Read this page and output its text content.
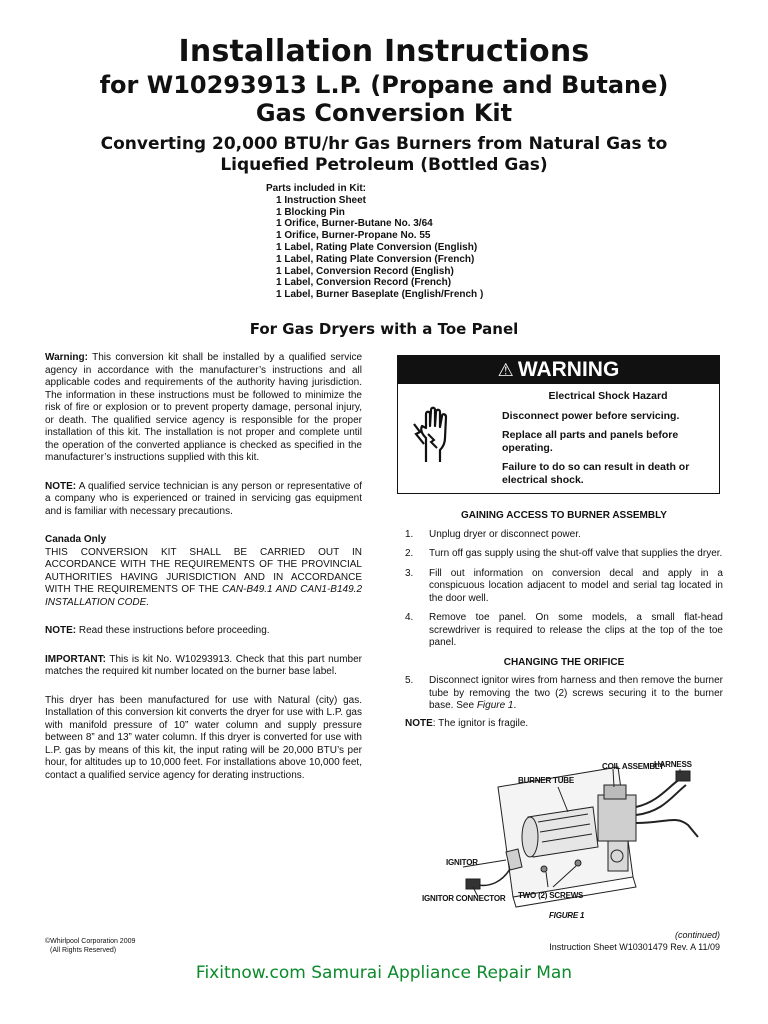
Installation Instructions
for W10293913 L.P. (Propane and Butane)
Gas Conversion Kit
Converting 20,000 BTU/hr Gas Burners from Natural Gas to
Liquefied Petroleum (Bottled Gas)
Parts included in Kit:
1 Instruction Sheet
1 Blocking Pin
1 Orifice, Burner-Butane No. 3/64
1 Orifice, Burner-Propane No. 55
1 Label, Rating Plate Conversion (English)
1 Label, Rating Plate Conversion (French)
1 Label, Conversion Record (English)
1 Label, Conversion Record (French)
1 Label, Burner Baseplate (English/French )
For Gas Dryers with a Toe Panel

Warning: This conversion kit shall be installed by a qualified service agency in accordance with the manufacturer’s instructions and all applicable codes and requirements of the authority having jurisdiction. The information in these instructions must be followed to minimize the risk of fire or explosion or to prevent property damage, personal injury, or death. The qualified service agency is responsible for the proper installation of this kit. The installation is not proper and complete until the operation of the converted appliance is checked as specified in the manufacturer’s instructions supplied with this kit.

NOTE: A qualified service technician is any person or representative of a company who is experienced or trained in servicing gas equipment and is familiar with necessary precautions.

Canada Only
THIS CONVERSION KIT SHALL BE CARRIED OUT IN ACCORDANCE WITH THE REQUIREMENTS OF THE PROVINCIAL AUTHORITIES HAVING JURISDICTION AND IN ACCORDANCE WITH THE REQUIREMENTS OF THE CAN-B49.1 AND CAN1-B149.2 INSTALLATION CODE.

NOTE: Read these instructions before proceeding.

IMPORTANT: This is kit No. W10293913. Check that this part number matches the required kit number located on the burner base label.

This dryer has been manufactured for use with Natural (city) gas. Installation of this conversion kit converts the dryer for use with L.P. gas with manifold pressure of 10” water column and supply pressure between 8” and 13” water column. If this dryer is converted for use with L.P. gas by means of this kit, the input rating will be 20,000 BTU’s per hour, for altitudes up to 10,000 feet. For installations above 10,000 feet, contact a qualified service agency for derating instructions.

⚠ WARNING
Electrical Shock Hazard

Disconnect power before servicing.

Replace all parts and panels before operating.

Failure to do so can result in death or electrical shock.

GAINING ACCESS TO BURNER ASSEMBLY
1. Unplug dryer or disconnect power.
2. Turn off gas supply using the shut-off valve that supplies the dryer.
3. Fill out information on conversion decal and apply in a conspicuous location adjacent to model and serial tag located in the door well.
4. Remove toe panel. On some models, a small flat-head screwdriver is required to release the clips at the top of the toe panel.
CHANGING THE ORIFICE
5. Disconnect ignitor wires from harness and then remove the burner tube by removing the two (2) screws securing it to the burner base. See Figure 1.
NOTE: The ignitor is fragile.
COIL ASSEMBLY
HARNESS
BURNER TUBE
IGNITOR
IGNITOR CONNECTOR TWO (2) SCREWS
FIGURE 1
(continued)
Instruction Sheet W10301479 Rev. A 11/09
©Whirlpool Corporation 2009
(All Rights Reserved)
Fixitnow.com Samurai Appliance Repair Man
